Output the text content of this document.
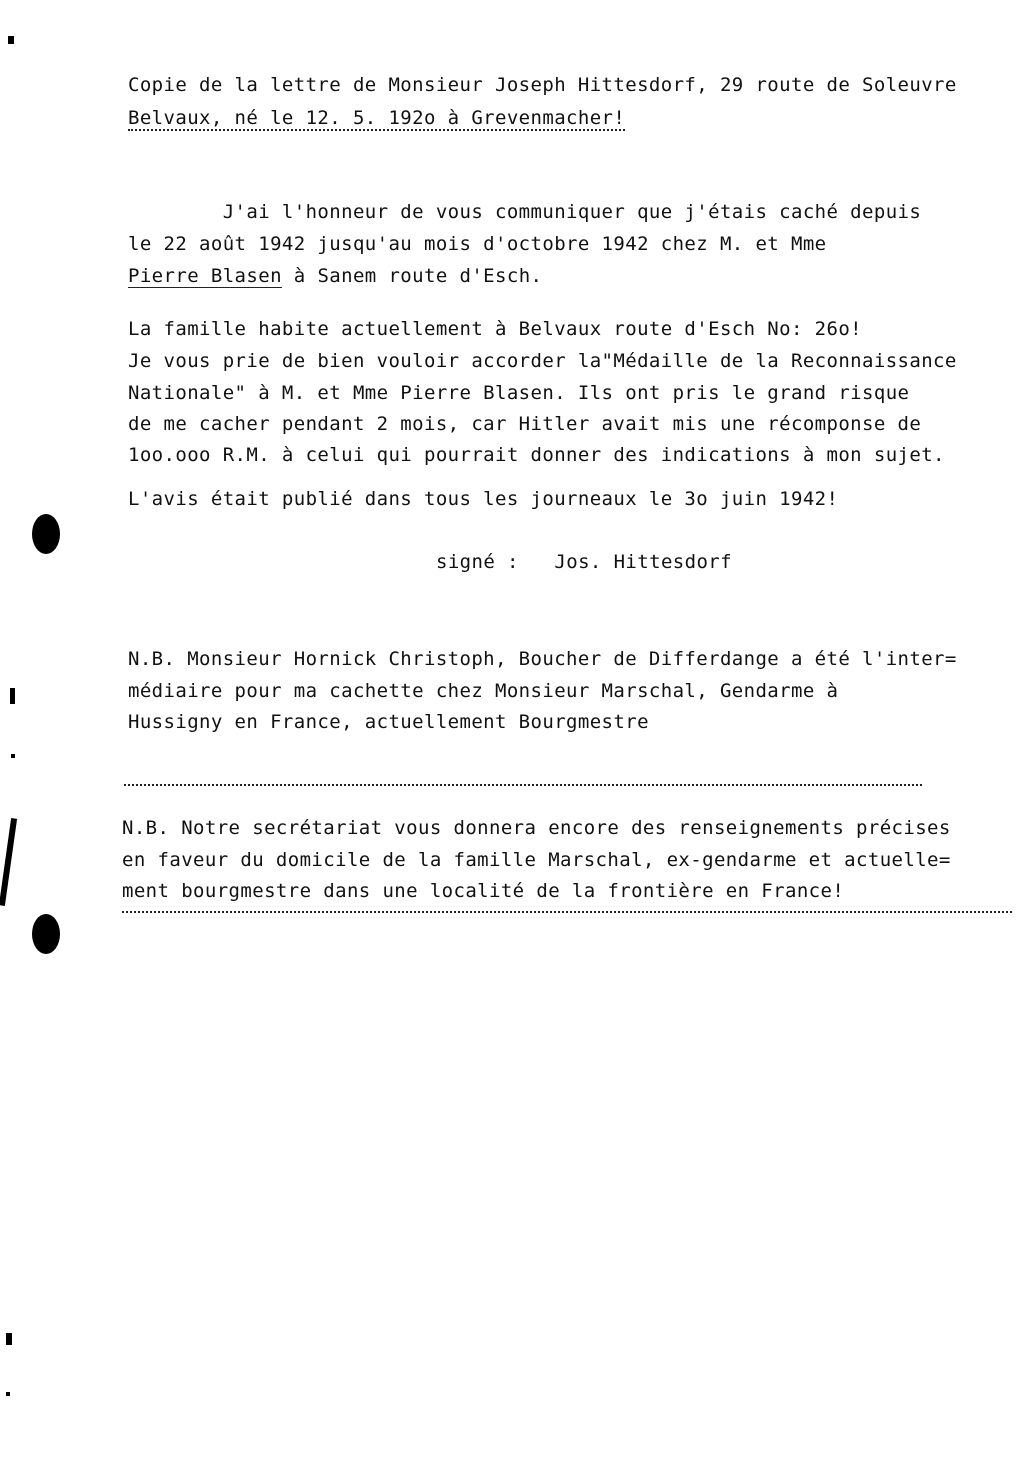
Copie de la lettre de Monsieur Joseph Hittesdorf, 29 route de Soleuvre
Belvaux, né le 12. 5. 192o à Grevenmacher!
J'ai l'honneur de vous communiquer que j'étais caché depuis
le 22 août 1942 jusqu'au mois d'octobre 1942 chez M. et Mme
Pierre Blasen à Sanem route d'Esch.
La famille habite actuellement à Belvaux route d'Esch No: 26o!
Je vous prie de bien vouloir accorder la"Médaille de la Reconnaissance
Nationale" à M. et Mme Pierre Blasen. Ils ont pris le grand risque
de me cacher pendant 2 mois, car Hitler avait mis une récomponse de
1oo.ooo R.M. à celui qui pourrait donner des indications à mon sujet.
L'avis était publié dans tous les journeaux le 3o juin 1942!
signé :   Jos. Hittesdorf
N.B. Monsieur Hornick Christoph, Boucher de Differdange a été l'inter=
médiaire pour ma cachette chez Monsieur Marschal, Gendarme à
Hussigny en France, actuellement Bourgmestre
N.B. Notre secrétariat vous donnera encore des renseignements précises
en faveur du domicile de la famille Marschal, ex-gendarme et actuelle=
ment bourgmestre dans une localité de la frontière en France!
